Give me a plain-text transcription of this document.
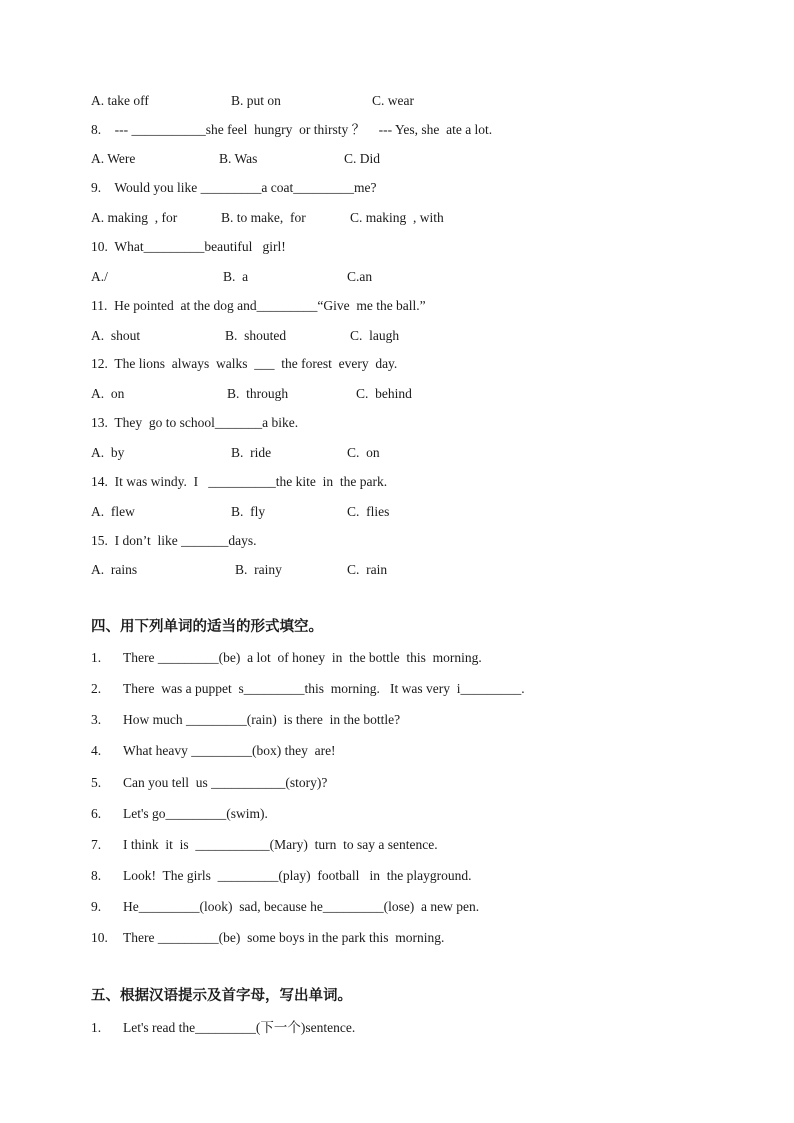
A. take off	B. put on	C. wear
8.    --- ___________she feel  hungry  or thirsty ？    --- Yes, she  ate a lot.
A. Were	B. Was	C. Did
9.    Would you like _________a coat_________me?
A. making  , for	B. to make,  for	C. making  , with
10.  What_________beautiful   girl!
A./	B.  a	C.an
11.  He pointed  at the dog and_________“Give  me the ball.”
A.  shout	B.  shouted	C.  laugh
12.  The lions  always  walks  ___  the forest  every  day.
A.  on	B.  through	C.  behind
13.  They  go to school_______a bike.
A.  by	B.  ride	C.  on
14.  It was windy.  I   __________the kite  in  the park.
A.  flew	B.  fly	C.  flies
15.  I don’t  like _______days.
A.  rains	B.  rainy	C.  rain
四、用下列单词的适当的形式填空。
1. There _________(be)  a lot  of honey  in  the bottle  this  morning.
2. There  was a puppet  s_________this  morning.   It was very  i_________.
3. How much _________(rain)  is there  in the bottle?
4. What heavy _________(box) they  are!
5. Can you tell  us ___________(story)?
6. Let's go_________(swim).
7. I think  it  is  ___________(Mary)  turn  to say a sentence.
8. Look!  The girls  _________(play)  football   in  the playground.
9. He_________(look)  sad, because he_________(lose)  a new pen.
10. There _________(be)  some boys in the park this  morning.
五、根据汉语提示及首字母，写出单词。
1. Let's read the_________(下一个)sentence.
